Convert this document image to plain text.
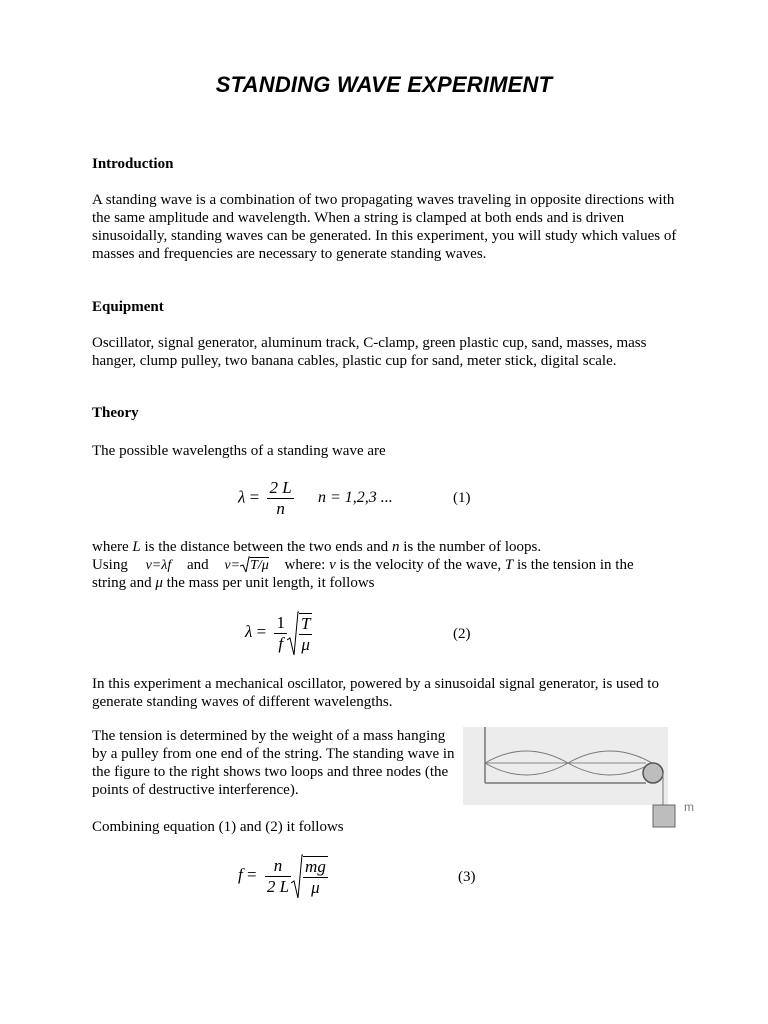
STANDING WAVE EXPERIMENT
Introduction

A standing wave is a combination of two propagating waves traveling in opposite directions with the same amplitude and wavelength. When a string is clamped at both ends and is driven sinusoidally, standing waves can be generated. In this experiment, you will study which values of masses and frequencies are necessary to generate standing waves.

Equipment

Oscillator, signal generator, aluminum track, C-clamp, green plastic cup, sand, masses, mass hanger, clump pulley, two banana cables, plastic cup for sand, meter stick, digital scale.

Theory

The possible wavelengths of a standing wave are

$\lambda = \frac{2 L}{n}$ n = 1,2,3 ...	(1)

where L is the distance between the two ends and n is the number of loops.

Using v=λf and v= T/μ where: v is the velocity of the wave, T is the tension in the

string and μ the mass per unit length, it follows

$\lambda = \frac{1}{f} \frac{T}{\mu}$	(2)

In this experiment a mechanical oscillator, powered by a sinusoidal signal generator, is used to generate standing waves of different wavelengths.

The tension is determined by the weight of a mass hanging by a pulley from one end of the string. The standing wave in the figure to the right shows two loops and three nodes (the points of destructive interference).

m

Combining equation (1) and (2) it follows

$f = \frac{n}{2 L} \frac{mg}{\mu}$	(3)
